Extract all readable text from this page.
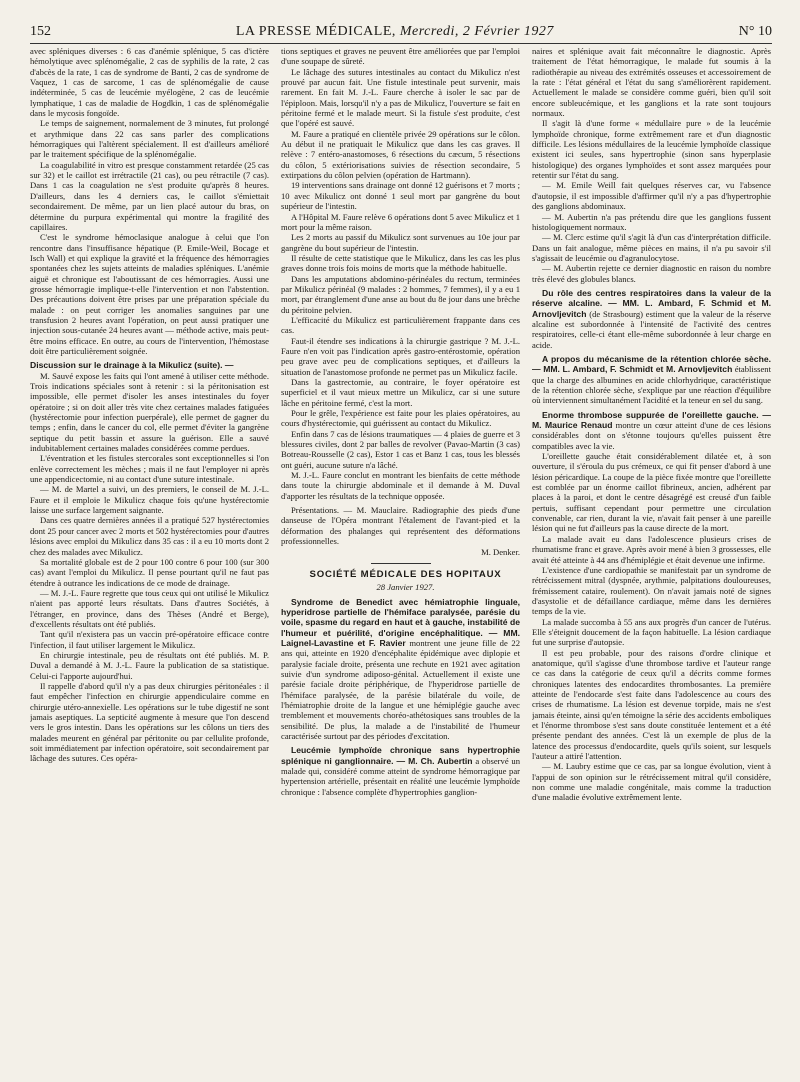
152	LA PRESSE MÉDICALE, Mercredi, 2 Février 1927	N° 10

avec spléniques diverses : 6 cas d'anémie splénique, 5 cas d'ictère hémolytique avec splénomégalie, 2 cas de syphilis de la rate, 2 cas d'abcès de la rate, 1 cas de syndrome de Banti, 2 cas de syndrome de Vaquez, 1 cas de sarcome, 1 cas de splénomégalie de cause indéterminée, 5 cas de leucémie myélogène, 2 cas de leucémie lymphatique, 1 cas de maladie de Hogdkin, 1 cas de splénomégalie dans le mycosis fongoïde.

Le temps de saignement, normalement de 3 minutes, fut prolongé et arythmique dans 22 cas sans parler des complications hémorragiques qui l'altèrent spécialement. Il est d'ailleurs amélioré par le traitement spécifique de la splénomégalie.

La coagulabilité in vitro est presque constamment retardée (25 cas sur 32) et le caillot est irrétractile (21 cas), ou peu rétractile (7 cas). Dans 1 cas la coagulation ne s'est produite qu'après 8 heures. D'ailleurs, dans les 4 derniers cas, le caillot s'émiettait secondairement. De même, par un lien placé autour du bras, on détermine du purpura expérimental qui montre la fragilité des capillaires.

C'est le syndrome hémoclasique analogue à celui que l'on rencontre dans l'insuffisance hépatique (P. Emile-Weil, Bocage et Isch Wall) et qui explique la gravité et la fréquence des hémorragies spontanées chez les sujets atteints de maladies spléniques. L'anémie aiguë et chronique est l'aboutissant de ces hémorragies. Aussi une grosse hémorragie implique-t-elle l'intervention et non l'abstention. Des précautions doivent être prises par une préparation spéciale du malade : on peut corriger les anomalies sanguines par une transfusion 2 heures avant l'opération, on peut aussi pratiquer une injection sous-cutanée 24 heures avant — méthode active, mais peut-être moins efficace. En outre, au cours de l'intervention, l'hémostase doit être particulièrement soignée.

Discussion sur le drainage à la Mikulicz (suite). —

M. Sauvé expose les faits qui l'ont amené à utiliser cette méthode. Trois indications spéciales sont à retenir : si la péritonisation est impossible, elle permet d'isoler les anses intestinales du foyer opératoire ; si on doit aller très vite chez certaines malades fatiguées (hystérectomie pour infection puerpérale), elle permet de gagner du temps ; enfin, dans le cancer du col, elle permet d'éviter la gangrène septique du petit bassin et assure la guérison. Elle a sauvé indubitablement certaines malades considérées comme perdues.

L'éventration et les fistules stercorales sont exceptionnelles si l'on enlève correctement les mèches ; mais il ne faut l'employer ni après une appendicectomie, ni au contact d'une suture intestinale.

— M. de Martel a suivi, un des premiers, le conseil de M. J.-L. Faure et il emploie le Mikulicz chaque fois qu'une hystérectomie laisse une surface largement saignante.

Dans ces quatre dernières années il a pratiqué 527 hystérectomies dont 25 pour cancer avec 2 morts et 502 hystérectomies pour d'autres lésions avec emploi du Mikulicz dans 35 cas : il a eu 10 morts dont 2 chez des malades avec Mikulicz.

Sa mortalité globale est de 2 pour 100 contre 6 pour 100 (sur 300 cas) avant l'emploi du Mikulicz. Il pense pourtant qu'il ne faut pas étendre à outrance les indications de ce mode de drainage.

— M. J.-L. Faure regrette que tous ceux qui ont utilisé le Mikulicz n'aient pas apporté leurs résultats. Dans d'autres Sociétés, à l'étranger, en province, dans des Thèses (André et Berge), d'excellents résultats ont été publiés.

Tant qu'il n'existera pas un vaccin pré-opératoire efficace contre l'infection, il faut utiliser largement le Mikulicz.

En chirurgie intestinale, peu de résultats ont été publiés. M. P. Duval a demandé à M. J.-L. Faure la publication de sa statistique. Celui-ci l'apporte aujourd'hui.

Il rappelle d'abord qu'il n'y a pas deux chirurgies péritonéales : il faut empêcher l'infection en chirurgie appendiculaire comme en chirurgie utéro-annexielle. Les opérations sur le tube digestif ne sont jamais aseptiques. La septicité augmente à mesure que l'on descend vers le gros intestin. Dans les opérations sur les côlons un tiers des malades meurent en général par péritonite ou par cellulite profonde, soit immédiatement par infection opératoire, soit secondairement par lâchage des sutures. Ces opéra-

tions septiques et graves ne peuvent être améliorées que par l'emploi d'une soupape de sûreté.

Le lâchage des sutures intestinales au contact du Mikulicz n'est prouvé par aucun fait. Une fistule intestinale peut survenir, mais rarement. En fait M. J.-L. Faure cherche à isoler le sac par de l'épiploon. Mais, lorsqu'il n'y a pas de Mikulicz, l'ouverture se fait en péritoine fermé et le malade meurt. Si la fistule s'est produite, c'est que l'opéré est sauvé.

M. Faure a pratiqué en clientèle privée 29 opérations sur le côlon. Au début il ne pratiquait le Mikulicz que dans les cas graves. Il relève : 7 entéro-anastomoses, 6 résections du cæcum, 5 résections du côlon, 5 extériorisations suivies de résection secondaire, 5 extirpations du côlon pelvien (opération de Hartmann).

19 interventions sans drainage ont donné 12 guérisons et 7 morts ; 10 avec Mikulicz ont donné 1 seul mort par gangrène du bout supérieur de l'intestin.

A l'Hôpital M. Faure relève 6 opérations dont 5 avec Mikulicz et 1 mort pour la même raison.

Les 2 morts au passif du Mikulicz sont survenues au 10e jour par gangrène du bout supérieur de l'intestin.

Il résulte de cette statistique que le Mikulicz, dans les cas les plus graves donne trois fois moins de morts que la méthode habituelle.

Dans les amputations abdomino-périnéales du rectum, terminées par Mikulicz périnéal (9 malades : 2 hommes, 7 femmes), il y a eu 1 mort, par étranglement d'une anse au bout du 8e jour dans une brèche du péritoine pelvien.

L'efficacité du Mikulicz est particulièrement frappante dans ces cas.

Faut-il étendre ses indications à la chirurgie gastrique ? M. J.-L. Faure n'en voit pas l'indication après gastro-entérostomie, opération peu grave avec peu de complications septiques, et d'ailleurs la situation de l'anastomose profonde ne permet pas un Mikulicz facile.

Dans la gastrectomie, au contraire, le foyer opératoire est superficiel et il vaut mieux mettre un Mikulicz, car si une suture lâche en péritoine fermé, c'est la mort.

Pour le grêle, l'expérience est faite pour les plaies opératoires, au cours d'hystérectomie, qui guérissent au contact du Mikulicz.

Enfin dans 7 cas de lésions traumatiques — 4 plaies de guerre et 3 blessures civiles, dont 2 par balles de revolver (Pavao-Martin (3 cas) Botreau-Rousselle (2 cas), Estor 1 cas et Banz 1 cas, tous les blessés ont guéri, aucune suture n'a lâché.

M. J.-L. Faure conclut en montrant les bienfaits de cette méthode dans toute la chirurgie abdominale et il demande à M. Duval d'apporter les résultats de la technique opposée.

Présentations. — M. Mauclaire. Radiographie des pieds d'une danseuse de l'Opéra montrant l'étalement de l'avant-pied et la déformation des phalanges qui représentent des déformations professionnelles.

M. Denker.

SOCIÉTÉ MÉDICALE DES HOPITAUX

28 Janvier 1927.

Syndrome de Benedict avec hémiatrophie linguale, hyperidrose partielle de l'hémiface paralysée, parésie du voile, spasme du regard en haut et à gauche, instabilité de l'humeur et puérilité, d'origine encéphalitique. — MM. Laignel-Lavastine et F. Ravier montrent une jeune fille de 22 ans qui, atteinte en 1920 d'encéphalite épidémique avec diplopie et paralysie faciale droite, présenta une rechute en 1921 avec agitation suivie d'un syndrome adiposo-génital. Actuellement il existe une parésie faciale droite périphérique, de l'hyperidrose partielle de l'hémiface paralysée, de la parésie bilatérale du voile, de l'hémiatrophie droite de la langue et une hémiplégie gauche avec tremblement et mouvements choréo-athétosiques sans troubles de la sensibilité. De plus, la malade a de l'instabilité de l'humeur caractérisée surtout par des périodes d'excitation.

Leucémie lymphoïde chronique sans hypertrophie splénique ni ganglionnaire. — M. Ch. Aubertin a observé un malade qui, considéré comme atteint de syndrome hémorragique par hypertension artérielle, présentait en réalité une leucémie lymphoïde chronique : l'absence complète d'hypertrophies ganglion-

naires et splénique avait fait méconnaître le diagnostic. Après traitement de l'état hémorragique, le malade fut soumis à la radiothérapie au niveau des extrémités osseuses et accessoirement de la rate : l'état général et l'état du sang s'améliorèrent rapidement. Actuellement le malade se considère comme guéri, bien qu'il soit encore subleucémique, et les ganglions et la rate sont toujours normaux.

Il s'agit là d'une forme « médullaire pure » de la leucémie lymphoïde chronique, forme extrêmement rare et d'un diagnostic difficile. Les lésions médullaires de la leucémie lymphoïde classique existent ici seules, sans hypertrophie (sinon sans hyperplasie histologique) des organes lymphoïdes et sont assez marquées pour retentir sur l'état du sang.

— M. Emile Weill fait quelques réserves car, vu l'absence d'autopsie, il est impossible d'affirmer qu'il n'y a pas d'hypertrophie des ganglions abdominaux.

— M. Aubertin n'a pas prétendu dire que les ganglions fussent histologiquement normaux.

— M. Clerc estime qu'il s'agit là d'un cas d'interprétation difficile. Dans un fait analogue, même pièces en mains, il n'a pu savoir s'il s'agissait de leucémie ou d'agranulocytose.

— M. Aubertin rejette ce dernier diagnostic en raison du nombre très élevé des globules blancs.

Du rôle des centres respiratoires dans la valeur de la réserve alcaline. — MM. L. Ambard, F. Schmid et M. Arnovljevitch (de Strasbourg) estiment que la valeur de la réserve alcaline est subordonnée à l'intensité de l'activité des centres respiratoires, celle-ci étant elle-même subordonnée à leur charge en acide.

A propos du mécanisme de la rétention chlorée sèche. — MM. L. Ambard, F. Schmidt et M. Arnovljevitch établissent que la charge des albumines en acide chlorhydrique, caractéristique de la rétention chlorée sèche, s'explique par une réaction d'équilibre où interviennent simultanément l'acidité et la teneur en sel du sang.

Enorme thrombose suppurée de l'oreillette gauche. — M. Maurice Renaud montre un cœur atteint d'une de ces lésions considérables dont on s'étonne toujours qu'elles puissent être compatibles avec la vie.

L'oreillette gauche était considérablement dilatée et, à son ouverture, il s'éroula du pus crémeux, ce qui fit penser d'abord à une lésion péricardique. La coupe de la pièce fixée montre que l'oreillette est comblée par un énorme caillot fibrineux, ancien, adhérent par places à la paroi, et dont le centre désagrégé est creusé d'un faible pertuis, suffisant cependant pour permettre une circulation convenable, car rien, durant la vie, n'avait fait penser à une pareille lésion qui ne fut d'ailleurs pas la cause directe de la mort.

La malade avait eu dans l'adolescence plusieurs crises de rhumatisme franc et grave. Après avoir mené à bien 3 grossesses, elle avait été atteinte à 44 ans d'hémiplégie et était devenue une infirme.

L'existence d'une cardiopathie se manifestait par un syndrome de rétrécissement mitral (dyspnée, arythmie, palpitations douloureuses, frémissement cataire, roulement). On n'avait jamais noté de signes d'asystolie et de défaillance cardiaque, même dans les dernières temps de la vie.

La malade succomba à 55 ans aux progrès d'un cancer de l'utérus. Elle s'éteignit doucement de la façon habituelle. La lésion cardiaque fut une surprise d'autopsie.

Il est peu probable, pour des raisons d'ordre clinique et anatomique, qu'il s'agisse d'une thrombose tardive et l'auteur range ce cas dans la catégorie de ceux qu'il a décrits comme formes chroniques latentes des endocardites thrombosantes. La première atteinte de l'endocarde s'est faite dans l'adolescence au cours des crises de rhumatisme. La lésion est devenue torpide, mais ne s'est jamais éteinte, ainsi qu'en témoigne la série des accidents emboliques et l'énorme thrombose s'est sans doute constituée lentement et a été présente pendant des années. C'est là un exemple de plus de la latence des processus d'endocardite, quels qu'ils soient, sur lesquels l'auteur a attiré l'attention.

— M. Laubry estime que ce cas, par sa longue évolution, vient à l'appui de son opinion sur le rétrécissement mitral qu'il considère, non comme une maladie congénitale, mais comme la traduction d'une maladie évolutive extrêmement lente.
